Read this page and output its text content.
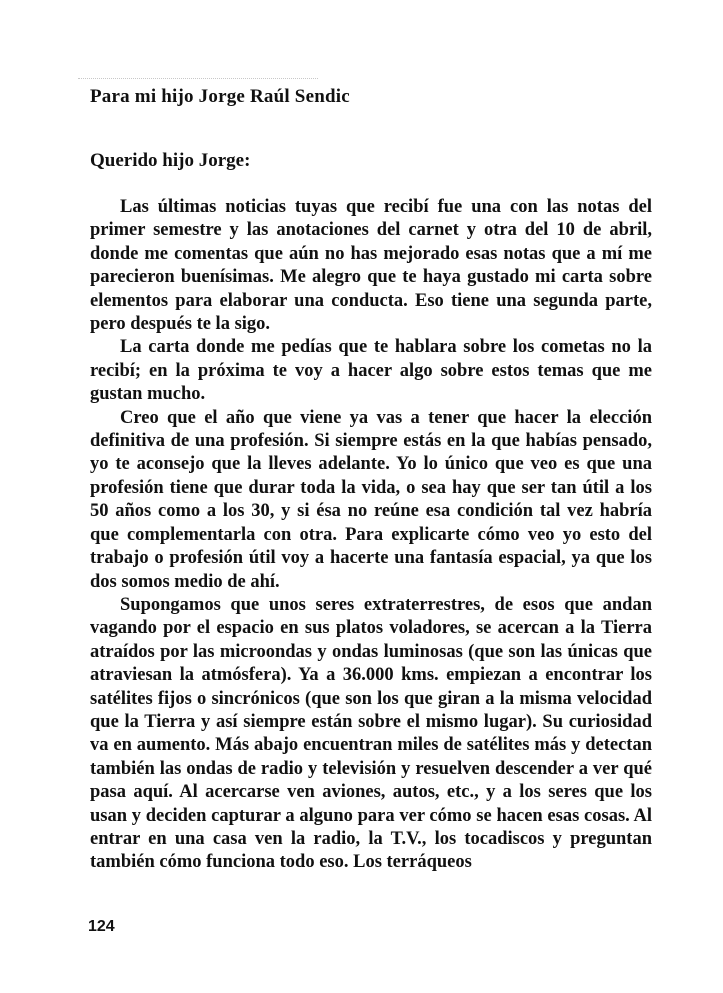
Para mi hijo Jorge Raúl Sendic
Querido hijo Jorge:

Las últimas noticias tuyas que recibí fue una con las notas del primer semestre y las anotaciones del carnet y otra del 10 de abril, donde me comentas que aún no has mejorado esas notas que a mí me parecieron buenísimas. Me alegro que te haya gustado mi carta sobre elementos para elaborar una conducta. Eso tiene una segunda parte, pero después te la sigo.

La carta donde me pedías que te hablara sobre los cometas no la recibí; en la próxima te voy a hacer algo sobre estos temas que me gustan mucho.

Creo que el año que viene ya vas a tener que hacer la elección definitiva de una profesión. Si siempre estás en la que habías pensado, yo te aconsejo que la lleves adelante. Yo lo único que veo es que una profesión tiene que durar toda la vida, o sea hay que ser tan útil a los 50 años como a los 30, y si ésa no reúne esa condición tal vez habría que complementarla con otra. Para explicarte cómo veo yo esto del trabajo o profesión útil voy a hacerte una fantasía espacial, ya que los dos somos medio de ahí.

Supongamos que unos seres extraterrestres, de esos que andan vagando por el espacio en sus platos voladores, se acercan a la Tierra atraídos por las microondas y ondas luminosas (que son las únicas que atraviesan la atmósfera). Ya a 36.000 kms. empiezan a encontrar los satélites fijos o sincrónicos (que son los que giran a la misma velocidad que la Tierra y así siempre están sobre el mismo lugar). Su curiosidad va en aumento. Más abajo encuentran miles de satélites más y detectan también las ondas de radio y televisión y resuelven descender a ver qué pasa aquí. Al acercarse ven aviones, autos, etc., y a los seres que los usan y deciden capturar a alguno para ver cómo se hacen esas cosas. Al entrar en una casa ven la radio, la T.V., los tocadiscos y preguntan también cómo funciona todo eso. Los terráqueos

124
